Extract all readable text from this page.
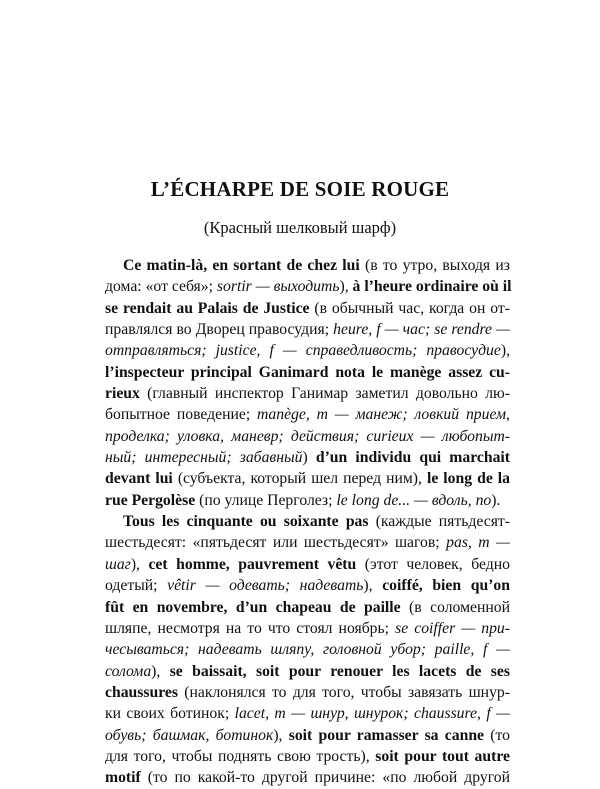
L’ÉCHARPE DE SOIE ROUGE
(Красный шелковый шарф)
Ce matin-là, en sortant de chez lui (в то утро, выходя из
дома: «от себя»; sortir — выходить), à l’heure ordinaire où il
se rendait au Palais de Justice (в обычный час, когда он от-
правлялся во Дворец правосудия; heure, f — час; se rendre —
отправляться; justice, f — справедливость; правосудие),
l’inspecteur principal Ganimard nota le manège assez cu-
rieux (главный инспектор Ганимар заметил довольно лю-
бопытное поведение; manège, m — манеж; ловкий прием,
проделка; уловка, маневр; действия; curieux — любопыт-
ный; интересный; забавный) d’un individu qui marchait
devant lui (субъекта, который шел перед ним), le long de la
rue Pergolèse (по улице Перголез; le long de... — вдоль, по).
Tous les cinquante ou soixante pas (каждые пятьдесят-
шестьдесят: «пятьдесят или шестьдесят» шагов; pas, m —
шаг), cet homme, pauvrement vêtu (этот человек, бедно
одетый; vêtir — одевать; надевать), coiffé, bien qu’on
fût en novembre, d’un chapeau de paille (в соломенной
шляпе, несмотря на то что стоял ноябрь; se coiffer — при-
чесываться; надевать шляпу, головной убор; paille, f —
солома), se baissait, soit pour renouer les lacets de ses
chaussures (наклонялся то для того, чтобы завязать шнур-
ки своих ботинок; lacet, m — шнур, шнурок; chaussure, f —
обувь; башмак, ботинок), soit pour ramasser sa canne (то
для того, чтобы поднять свою трость), soit pour tout autre
motif (то по какой-то другой причине: «по любой другой
